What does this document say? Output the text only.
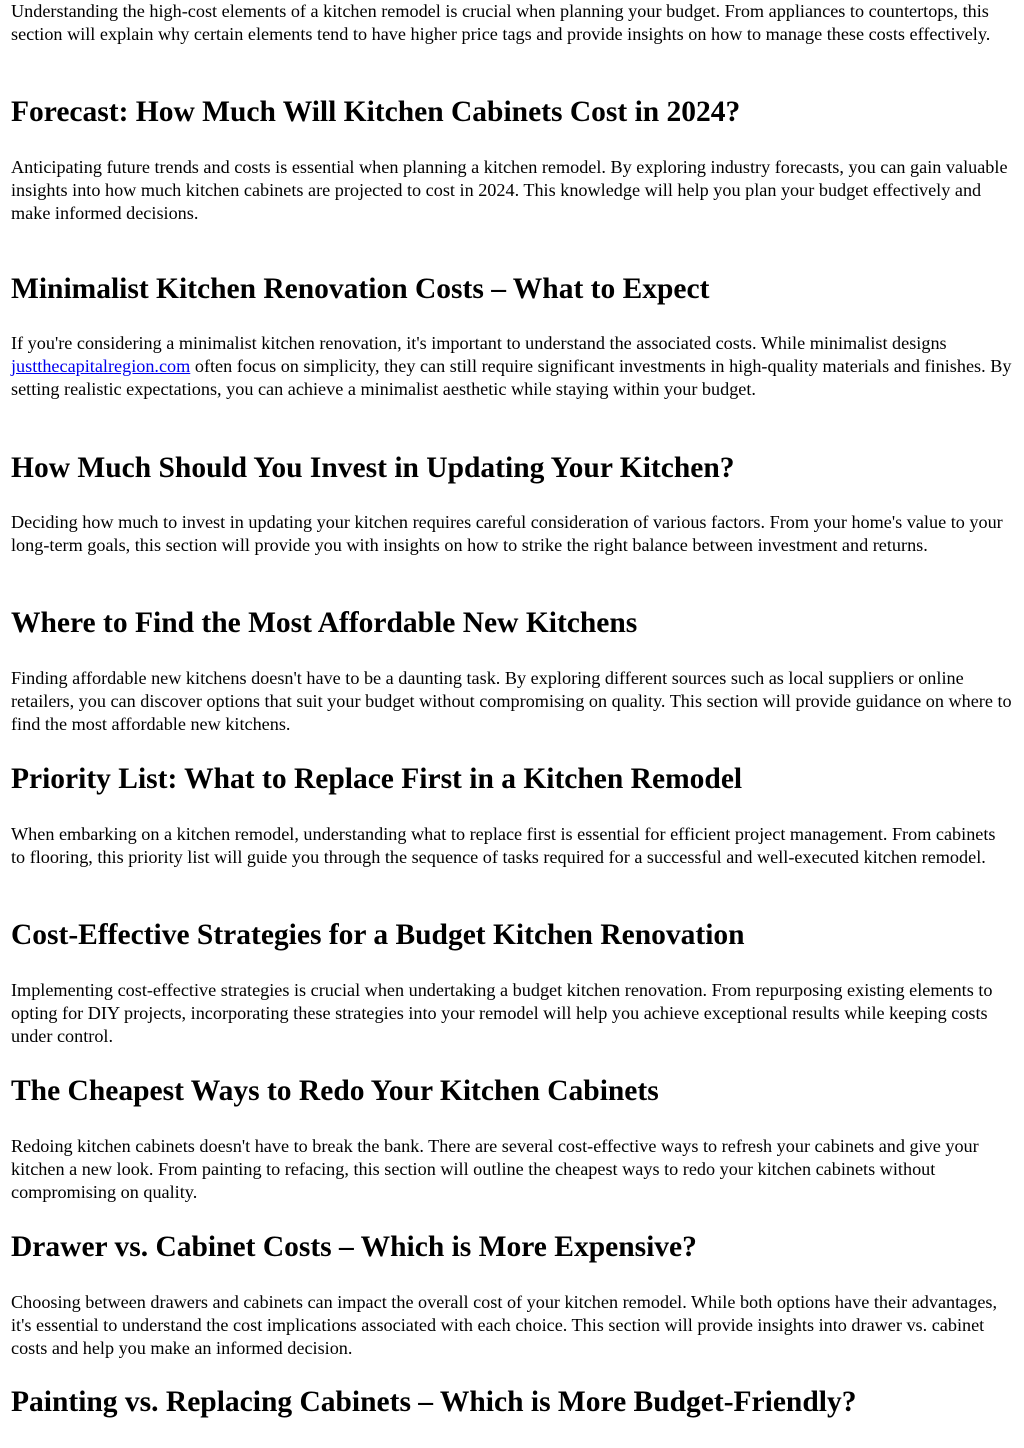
Understanding the high-cost elements of a kitchen remodel is crucial when planning your budget. From appliances to countertops, this section will explain why certain elements tend to have higher price tags and provide insights on how to manage these costs effectively.

Forecast: How Much Will Kitchen Cabinets Cost in 2024?

Anticipating future trends and costs is essential when planning a kitchen remodel. By exploring industry forecasts, you can gain valuable insights into how much kitchen cabinets are projected to cost in 2024. This knowledge will help you plan your budget effectively and make informed decisions.

Minimalist Kitchen Renovation Costs – What to Expect

If you're considering a minimalist kitchen renovation, it's important to understand the associated costs. While minimalist designs justthecapitalregion.com often focus on simplicity, they can still require significant investments in high-quality materials and finishes. By setting realistic expectations, you can achieve a minimalist aesthetic while staying within your budget.

How Much Should You Invest in Updating Your Kitchen?

Deciding how much to invest in updating your kitchen requires careful consideration of various factors. From your home's value to your long-term goals, this section will provide you with insights on how to strike the right balance between investment and returns.

Where to Find the Most Affordable New Kitchens

Finding affordable new kitchens doesn't have to be a daunting task. By exploring different sources such as local suppliers or online retailers, you can discover options that suit your budget without compromising on quality. This section will provide guidance on where to find the most affordable new kitchens.

Priority List: What to Replace First in a Kitchen Remodel

When embarking on a kitchen remodel, understanding what to replace first is essential for efficient project management. From cabinets to flooring, this priority list will guide you through the sequence of tasks required for a successful and well-executed kitchen remodel.

Cost-Effective Strategies for a Budget Kitchen Renovation

Implementing cost-effective strategies is crucial when undertaking a budget kitchen renovation. From repurposing existing elements to opting for DIY projects, incorporating these strategies into your remodel will help you achieve exceptional results while keeping costs under control.

The Cheapest Ways to Redo Your Kitchen Cabinets

Redoing kitchen cabinets doesn't have to break the bank. There are several cost-effective ways to refresh your cabinets and give your kitchen a new look. From painting to refacing, this section will outline the cheapest ways to redo your kitchen cabinets without compromising on quality.

Drawer vs. Cabinet Costs – Which is More Expensive?

Choosing between drawers and cabinets can impact the overall cost of your kitchen remodel. While both options have their advantages, it's essential to understand the cost implications associated with each choice. This section will provide insights into drawer vs. cabinet costs and help you make an informed decision.

Painting vs. Replacing Cabinets – Which is More Budget-Friendly?
